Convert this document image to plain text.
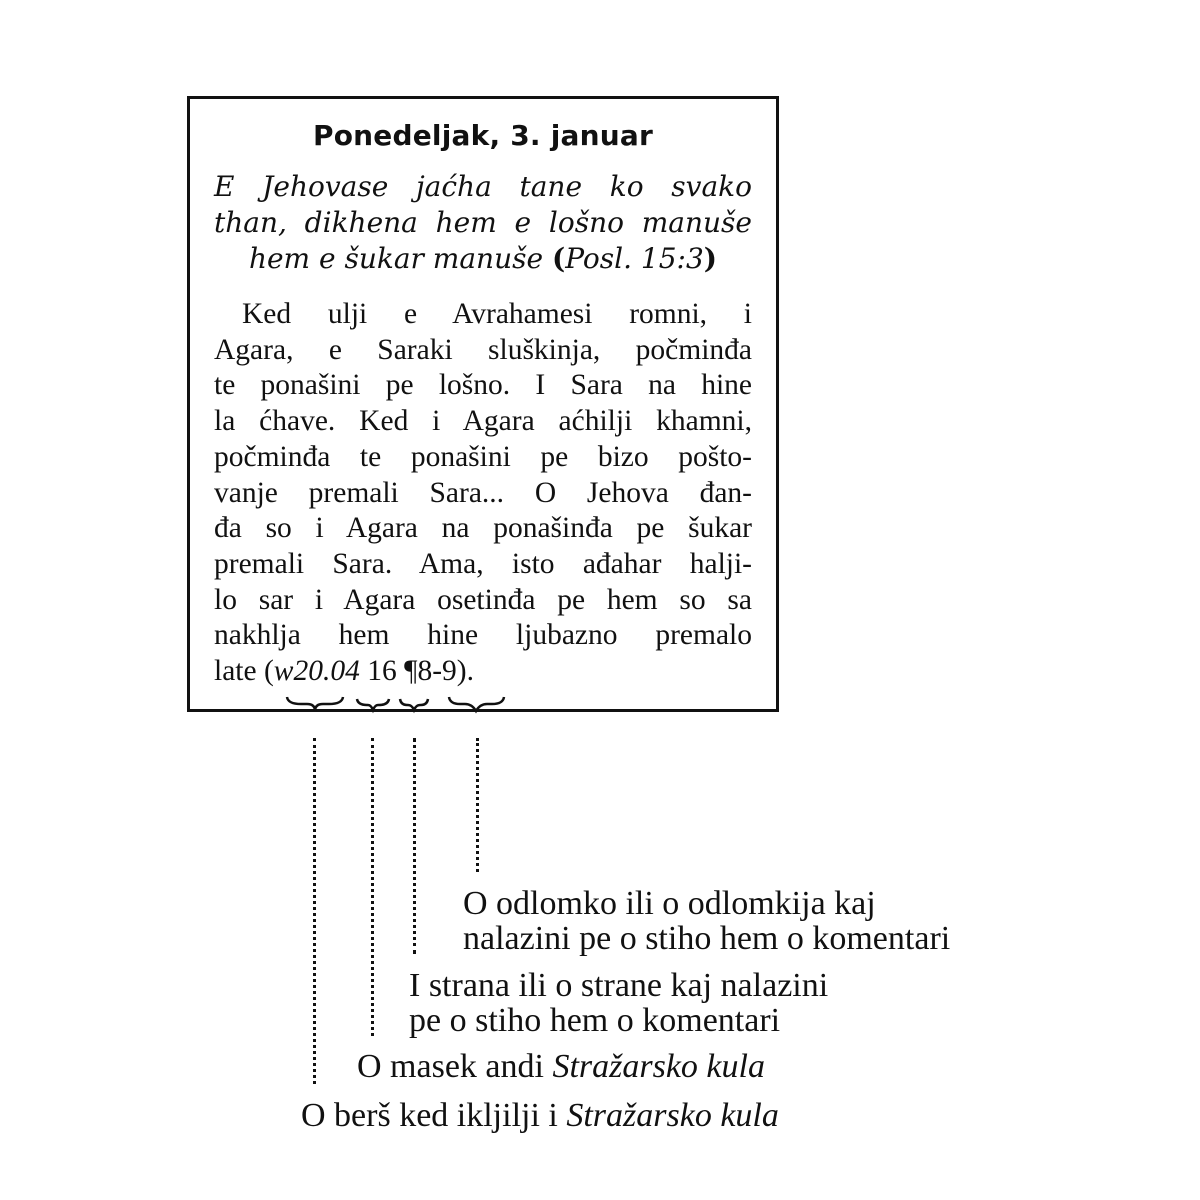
Ponedeljak, 3. januar
E Jehovase jaćha tane ko svako
than, dikhena hem e lošno manuše
hem e šukar manuše (Posl. 15:3)
Ked ulji e Avrahamesi romni, i
Agara, e Saraki sluškinja, počminđa
te ponašini pe lošno. I Sara na hine
la ćhave. Ked i Agara aćhilji khamni,
počminđa te ponašini pe bizo pošto-
vanje premali Sara... O Jehova đan-
đa so i Agara na ponašinđa pe šukar
premali Sara. Ama, isto ađahar halji-
lo sar i Agara osetinđa pe hem so sa
nakhlja hem hine ljubazno premalo
late (w20.04 16 ¶8-9).
O odlomko ili o odlomkija kaj
nalazini pe o stiho hem o komentari
I strana ili o strane kaj nalazini
pe o stiho hem o komentari
O masek andi Stražarsko kula
O berš ked ikljilji i Stražarsko kula
